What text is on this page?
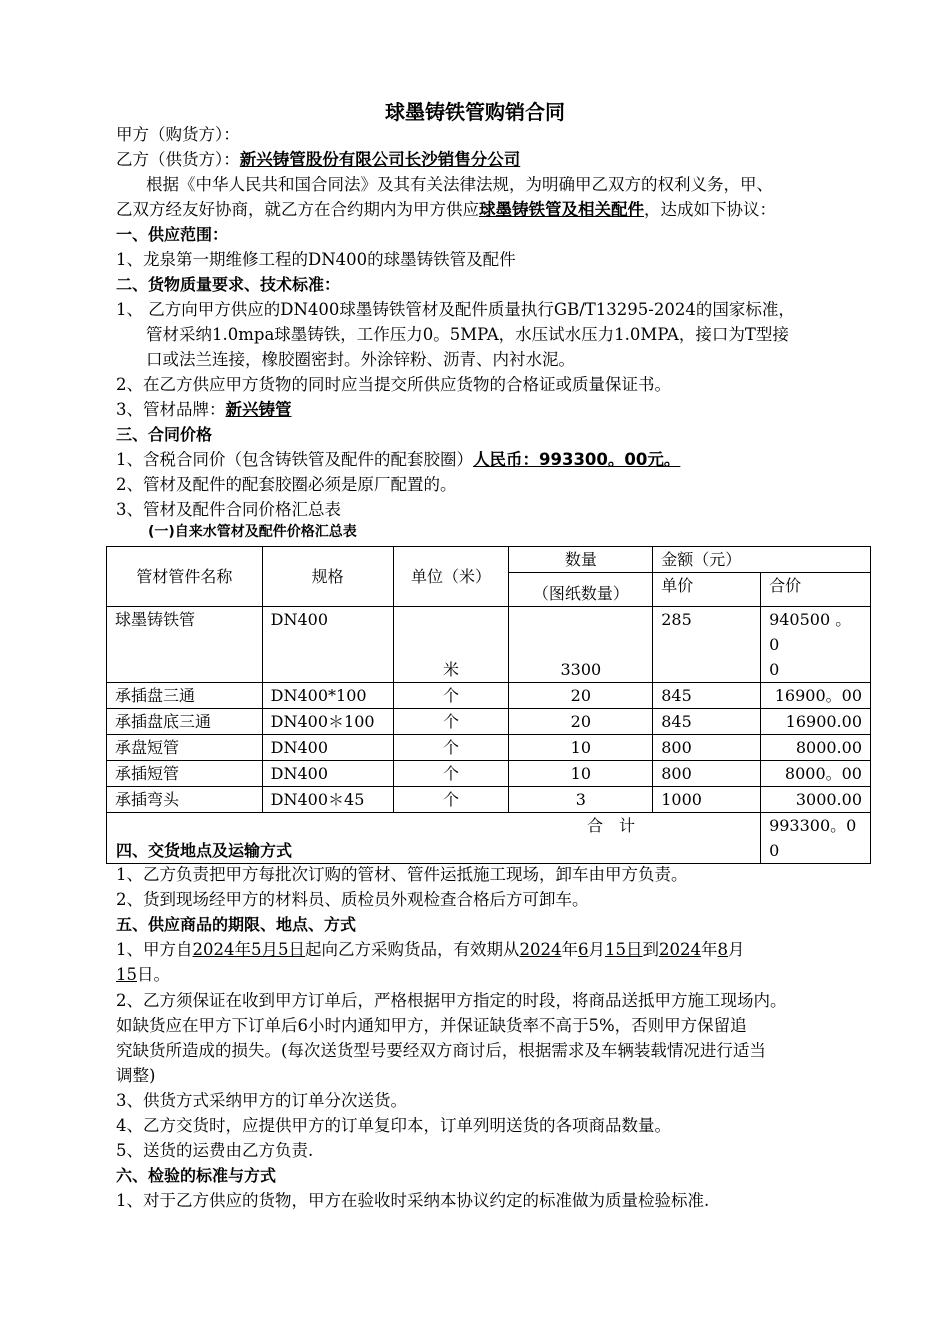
球墨铸铁管购销合同
甲方（购货方）：
乙方（供货方）：新兴铸管股份有限公司长沙销售分公司
根据《中华人民共和国合同法》及其有关法律法规，为明确甲乙双方的权利义务，甲、
乙双方经友好协商，就乙方在合约期内为甲方供应球墨铸铁管及相关配件，达成如下协议：
一、供应范围：
1、龙泉第一期维修工程的DN400的球墨铸铁管及配件
二、货物质量要求、技术标准：
1、 乙方向甲方供应的DN400球墨铸铁管材及配件质量执行GB/T13295-2024的国家标准，
管材采纳1.0mpa球墨铸铁，工作压力0。5MPA，水压试水压力1.0MPA，接口为T型接
口或法兰连接，橡胶圈密封。外涂锌粉、沥青、内衬水泥。
2、在乙方供应甲方货物的同时应当提交所供应货物的合格证或质量保证书。
3、管材品牌：新兴铸管
三、合同价格
1、含税合同价（包含铸铁管及配件的配套胶圈）人民币：993300。00元。
2、管材及配件的配套胶圈必须是原厂配置的。
3、管材及配件合同价格汇总表
(一)自来水管材及配件价格汇总表
管材管件名称	规格	单位（米）	数量	金额（元）	
			（图纸数量）	单价	合价
球墨铸铁管	DN400	米	3300	285	940500 。 0
0

承插盘三通	DN400*100	个	20	845	16900。00
承插盘底三通	DN400＊100	个	20	845	16900.00
承盘短管	DN400	个	10	800	8000.00
承插短管	DN400	个	10	800	8000。00
承插弯头	DN400＊45	个	3	1000	3000.00
合　计					993300。0
0
四、交货地点及运输方式
1、乙方负责把甲方每批次订购的管材、管件运抵施工现场，卸车由甲方负责。
2、货到现场经甲方的材料员、质检员外观检查合格后方可卸车。
五、供应商品的期限、地点、方式
1、甲方自2024年5月5日起向乙方采购货品，有效期从2024年6月15日到2024年8月
15日。
2、乙方须保证在收到甲方订单后，严格根据甲方指定的时段，将商品送抵甲方施工现场内。
如缺货应在甲方下订单后6小时内通知甲方，并保证缺货率不高于5%，否则甲方保留追
究缺货所造成的损失。(每次送货型号要经双方商讨后，根据需求及车辆装载情况进行适当
调整)
3、供货方式采纳甲方的订单分次送货。
4、乙方交货时，应提供甲方的订单复印本，订单列明送货的各项商品数量。
5、送货的运费由乙方负责.
六、检验的标准与方式
1、对于乙方供应的货物，甲方在验收时采纳本协议约定的标准做为质量检验标准.
